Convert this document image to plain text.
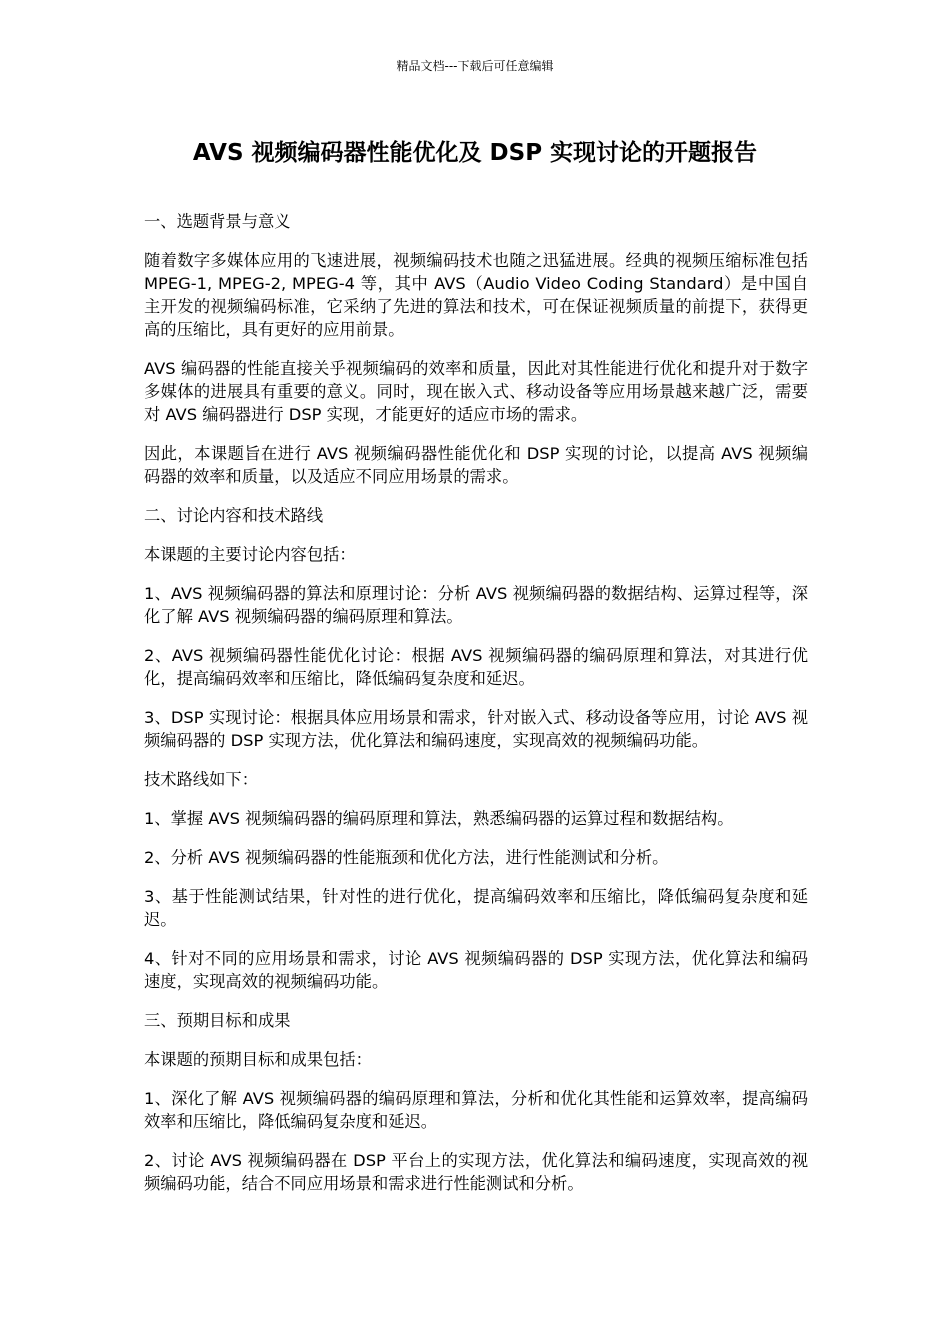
精品文档---下载后可任意编辑
AVS 视频编码器性能优化及 DSP 实现讨论的开题报告

一、选题背景与意义

随着数字多媒体应用的飞速进展，视频编码技术也随之迅猛进展。经典的视频压缩标准包括 MPEG-1, MPEG-2, MPEG-4 等，其中 AVS（Audio Video Coding Standard）是中国自主开发的视频编码标准，它采纳了先进的算法和技术，可在保证视频质量的前提下，获得更高的压缩比，具有更好的应用前景。

AVS 编码器的性能直接关乎视频编码的效率和质量，因此对其性能进行优化和提升对于数字多媒体的进展具有重要的意义。同时，现在嵌入式、移动设备等应用场景越来越广泛，需要对 AVS 编码器进行 DSP 实现，才能更好的适应市场的需求。

因此，本课题旨在进行 AVS 视频编码器性能优化和 DSP 实现的讨论，以提高 AVS 视频编码器的效率和质量，以及适应不同应用场景的需求。

二、讨论内容和技术路线

本课题的主要讨论内容包括：

1、AVS 视频编码器的算法和原理讨论：分析 AVS 视频编码器的数据结构、运算过程等，深化了解 AVS 视频编码器的编码原理和算法。

2、AVS 视频编码器性能优化讨论：根据 AVS 视频编码器的编码原理和算法，对其进行优化，提高编码效率和压缩比，降低编码复杂度和延迟。

3、DSP 实现讨论：根据具体应用场景和需求，针对嵌入式、移动设备等应用，讨论 AVS 视频编码器的 DSP 实现方法，优化算法和编码速度，实现高效的视频编码功能。

技术路线如下：

1、掌握 AVS 视频编码器的编码原理和算法，熟悉编码器的运算过程和数据结构。

2、分析 AVS 视频编码器的性能瓶颈和优化方法，进行性能测试和分析。

3、基于性能测试结果，针对性的进行优化，提高编码效率和压缩比，降低编码复杂度和延迟。

4、针对不同的应用场景和需求，讨论 AVS 视频编码器的 DSP 实现方法，优化算法和编码速度，实现高效的视频编码功能。

三、预期目标和成果

本课题的预期目标和成果包括：

1、深化了解 AVS 视频编码器的编码原理和算法，分析和优化其性能和运算效率，提高编码效率和压缩比，降低编码复杂度和延迟。

2、讨论 AVS 视频编码器在 DSP 平台上的实现方法，优化算法和编码速度，实现高效的视频编码功能，结合不同应用场景和需求进行性能测试和分析。
